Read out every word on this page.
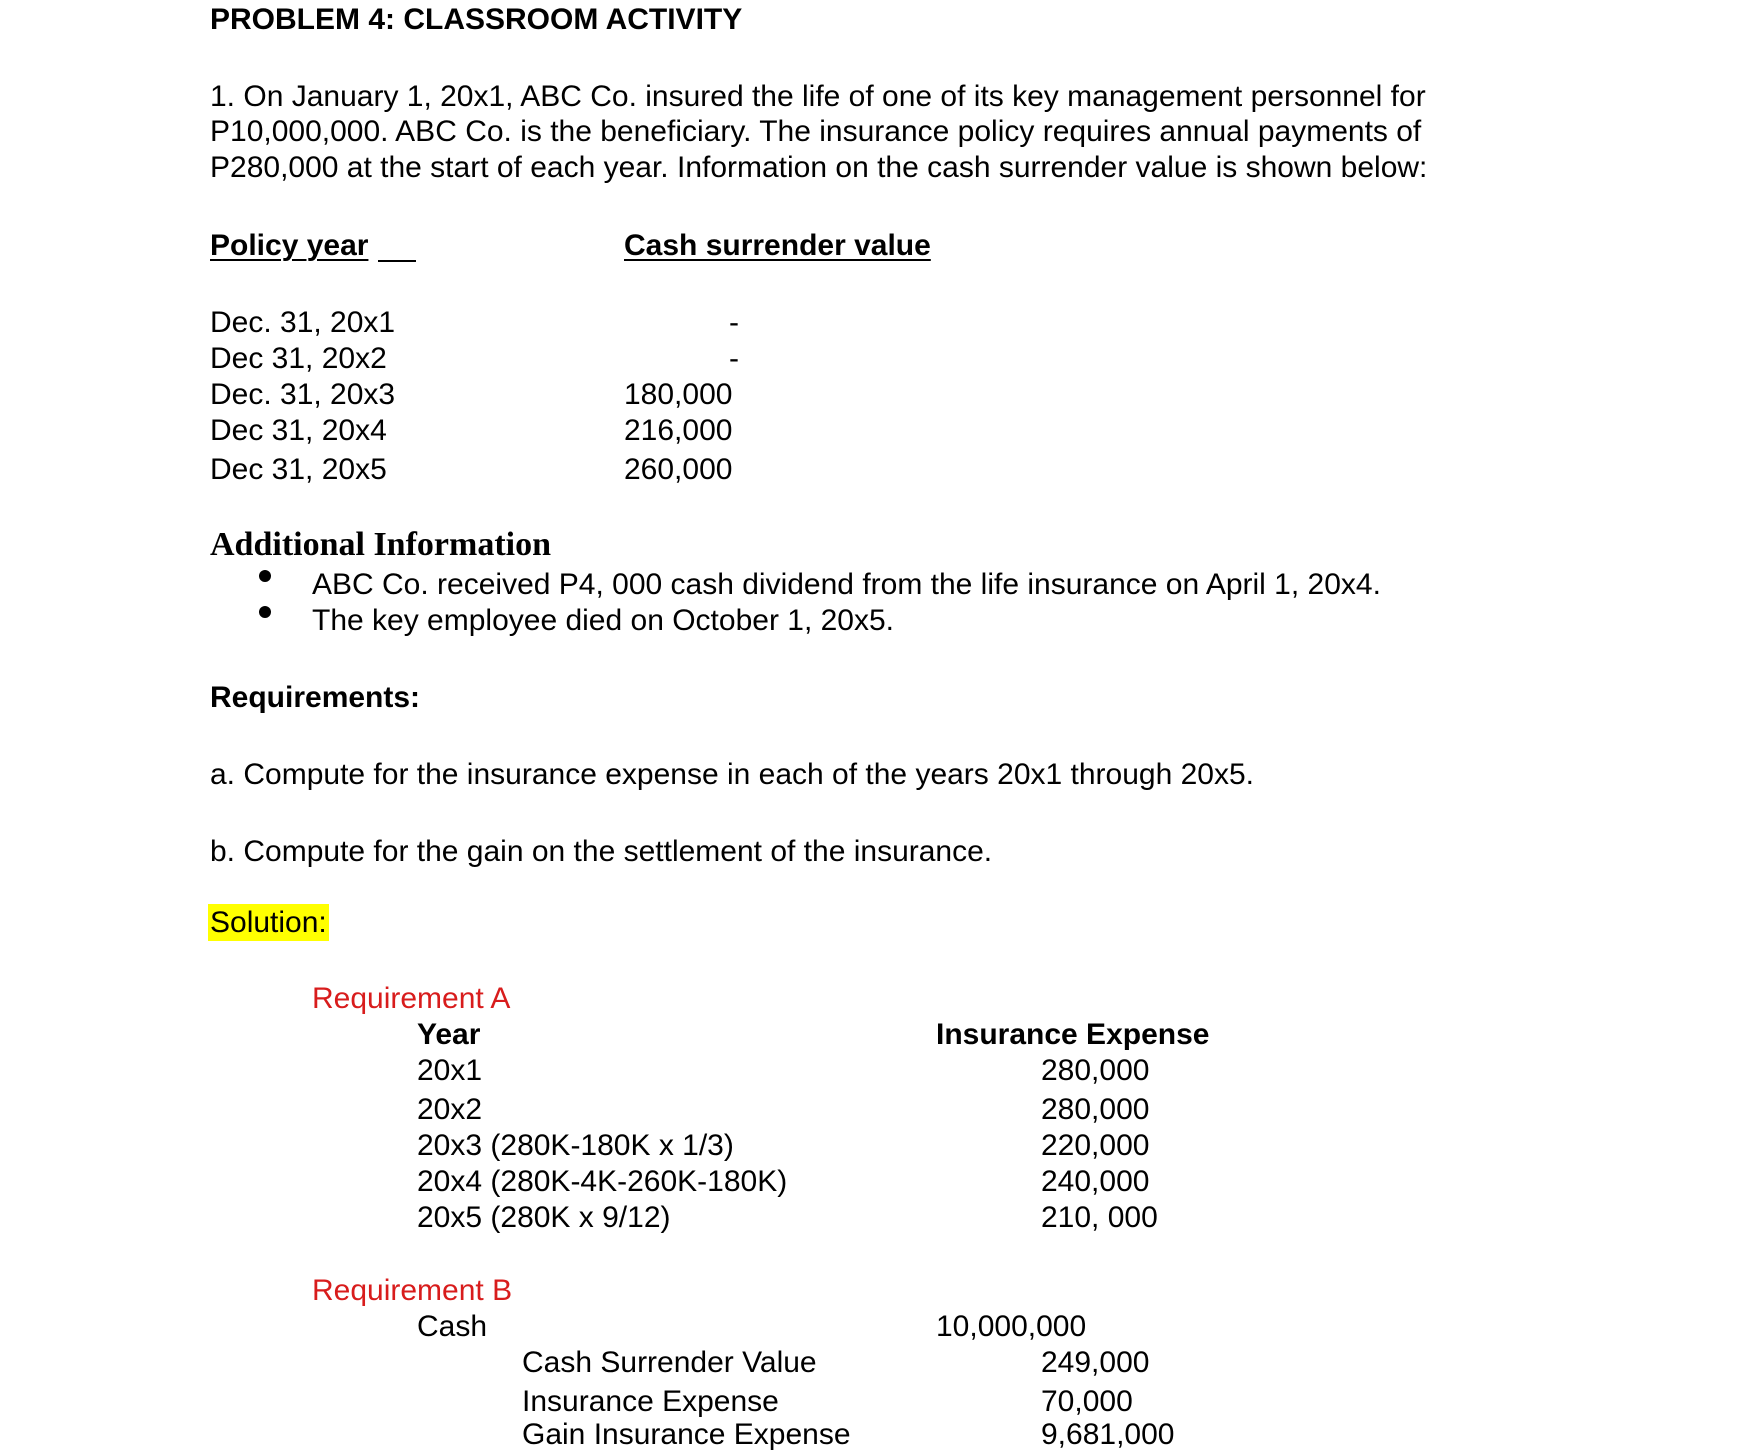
PROBLEM 4: CLASSROOM ACTIVITY
1. On January 1, 20x1, ABC Co. insured the life of one of its key management personnel for
P10,000,000. ABC Co. is the beneficiary. The insurance policy requires annual payments of
P280,000 at the start of each year. Information on the cash surrender value is shown below:
Policy year	Cash surrender value
Dec. 31, 20x1	-
Dec 31, 20x2	-
Dec. 31, 20x3	180,000
Dec 31, 20x4	216,000
Dec 31, 20x5	260,000
Additional Information
ABC Co. received P4, 000 cash dividend from the life insurance on April 1, 20x4.
The key employee died on October 1, 20x5.
Requirements:
a. Compute for the insurance expense in each of the years 20x1 through 20x5.
b. Compute for the gain on the settlement of the insurance.
Solution:
Requirement A
Year	Insurance Expense
20x1	280,000
20x2	280,000
20x3 (280K-180K x 1/3)	220,000
20x4 (280K-4K-260K-180K)	240,000
20x5 (280K x 9/12)	210, 000
Requirement B
Cash	10,000,000
Cash Surrender Value	249,000
Insurance Expense	70,000
Gain Insurance Expense	9,681,000
